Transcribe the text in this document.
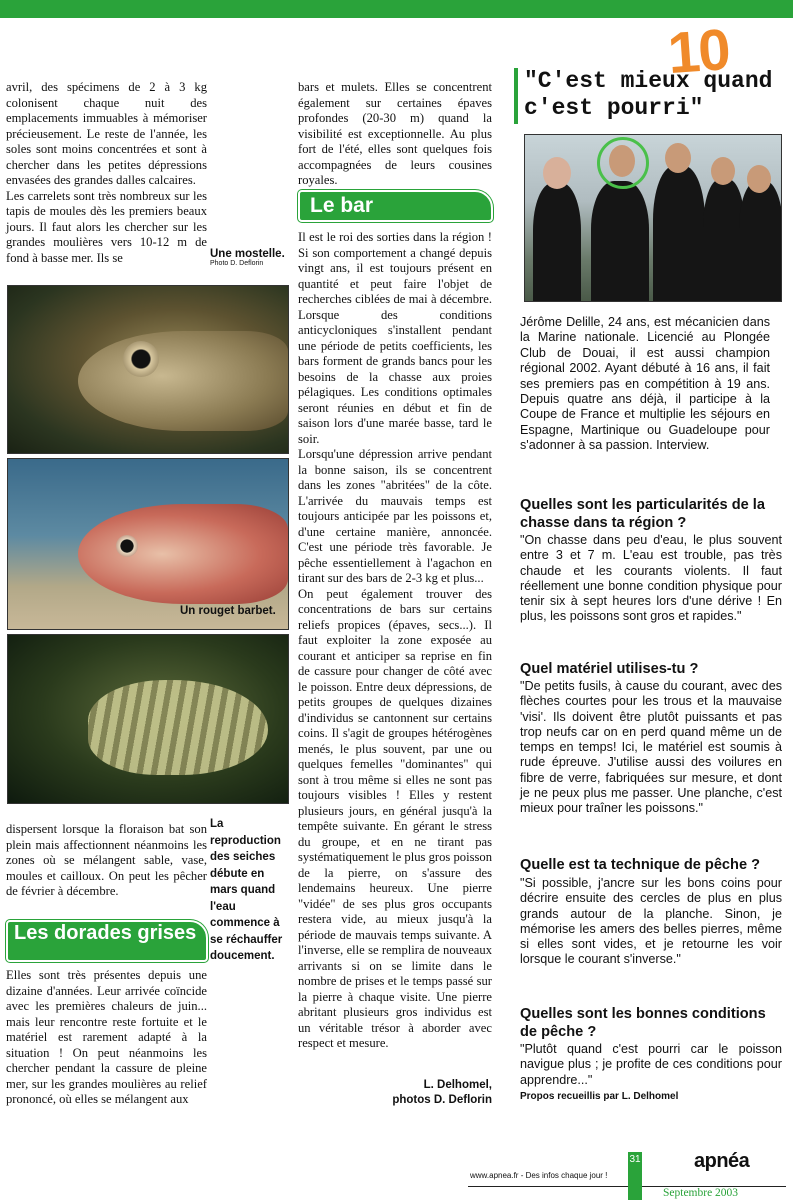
10

avril, des spécimens de 2 à 3 kg colonisent chaque nuit des emplacements immuables à mémoriser précieusement. Le reste de l'année, les soles sont moins concentrées et sont à chercher dans les petites dépressions envasées des grandes dalles calcaires.

Les carrelets sont très nombreux sur les tapis de moules dès les premiers beaux jours. Il faut alors les chercher sur les grandes moulières vers 10-12 m de fond à basse mer. Ils se	Une mostelle.
Photo D. Deflorin
Un rouget barbet.
La reproduction des seiches débute en mars quand l'eau commence à se réchauffer doucement.
dispersent lorsque la floraison bat son plein mais affectionnent néanmoins les zones où se mélangent sable, vase, moules et cailloux. On peut les pêcher de février à décembre.
Les dorades grises
Elles sont très présentes depuis une dizaine d'années. Leur arrivée coïncide avec les premières chaleurs de juin... mais leur rencontre reste fortuite et le matériel est rarement adapté à la situation ! On peut néanmoins les chercher pendant la cassure de pleine mer, sur les grandes moulières au relief prononcé, où elles se mélangent aux
bars et mulets. Elles se concentrent également sur certaines épaves profondes (20-30 m) quand la visibilité est exceptionnelle. Au plus fort de l'été, elles sont quelques fois accompagnées de leurs cousines royales.
Le bar

Il est le roi des sorties dans la région ! Si son comportement a changé depuis vingt ans, il est toujours présent en quantité et peut faire l'objet de recherches ciblées de mai à décembre. Lorsque des conditions anticycloniques s'installent pendant une période de petits coefficients, les bars forment de grands bancs pour les besoins de la chasse aux proies pélagiques. Les conditions optimales seront réunies en début et fin de saison lors d'une marée basse, tard le soir.

Lorsqu'une dépression arrive pendant la bonne saison, ils se concentrent dans les zones "abritées" de la côte. L'arrivée du mauvais temps est toujours anticipée par les poissons et, d'une certaine manière, annoncée. C'est une période très favorable. Je pêche essentiellement à l'agachon en tirant sur des bars de 2-3 kg et plus...

On peut également trouver des concentrations de bars sur certains reliefs propices (épaves, secs...). Il faut exploiter la zone exposée au courant et anticiper sa reprise en fin de cassure pour changer de côté avec le poisson. Entre deux dépressions, de petits groupes de quelques dizaines d'individus se cantonnent sur certains coins. Il s'agit de groupes hétérogènes menés, le plus souvent, par une ou quelques femelles "dominantes" qui sont à trou même si elles ne sont pas toujours visibles ! Elles y restent plusieurs jours, en général jusqu'à la tempête suivante. En gérant le stress du groupe, et en ne tirant pas systématiquement le plus gros poisson de la pierre, on s'assure des lendemains heureux. Une pierre "vidée" de ses plus gros occupants restera vide, au mieux jusqu'à la période de mauvais temps suivante. A l'inverse, elle se remplira de nouveaux arrivants si on se limite dans le nombre de prises et le temps passé sur la pierre à chaque visite. Une pierre abritant plusieurs gros individus est un véritable trésor à aborder avec respect et mesure.

L. Delhomel,
photos D. Deflorin
"C'est mieux quand
c'est pourri"
Jérôme Delille, 24 ans, est mécanicien dans la Marine nationale. Licencié au Plongée Club de Douai, il est aussi champion régional 2002. Ayant débuté à 16 ans, il fait ses premiers pas en compétition à 19 ans. Depuis quatre ans déjà, il participe à la Coupe de France et multiplie les séjours en Espagne, Martinique ou Guadeloupe pour s'adonner à sa passion. Interview.
Quelles sont les particularités de la chasse dans ta région ?
"On chasse dans peu d'eau, le plus souvent entre 3 et 7 m. L'eau est trouble, pas très chaude et les courants violents. Il faut réellement une bonne condition physique pour tenir six à sept heures lors d'une dérive ! En plus, les poissons sont gros et rapides."
Quel matériel utilises-tu ?
"De petits fusils, à cause du courant, avec des flèches courtes pour les trous et la mauvaise 'visi'. Ils doivent être plutôt puissants et pas trop neufs car on en perd quand même un de temps en temps! Ici, le matériel est soumis à rude épreuve. J'utilise aussi des voilures en fibre de verre, fabriquées sur mesure, et dont je ne peux plus me passer. Une planche, c'est mieux pour traîner les poissons."
Quelle est ta technique de pêche ?
"Si possible, j'ancre sur les bons coins pour décrire ensuite des cercles de plus en plus grands autour de la planche. Sinon, je mémorise les amers des belles pierres, même si elles sont vides, et je retourne les voir lorsque le courant s'inverse."
Quelles sont les bonnes conditions de pêche ?
"Plutôt quand c'est pourri car le poisson navigue plus ; je profite de ces conditions pour apprendre..."
Propos recueillis par L. Delhomel
www.apnea.fr - Des infos chaque jour !
31	apnéa
Septembre 2003
